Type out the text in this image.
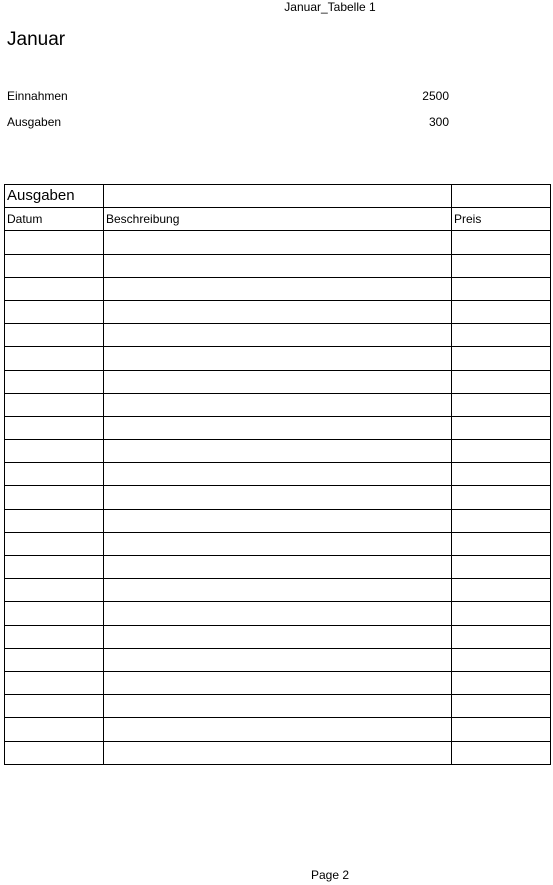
Januar_Tabelle 1
Januar
Einnahmen	2500
Ausgaben	300
Ausgaben		
Datum	Beschreibung	Preis

Page 2
